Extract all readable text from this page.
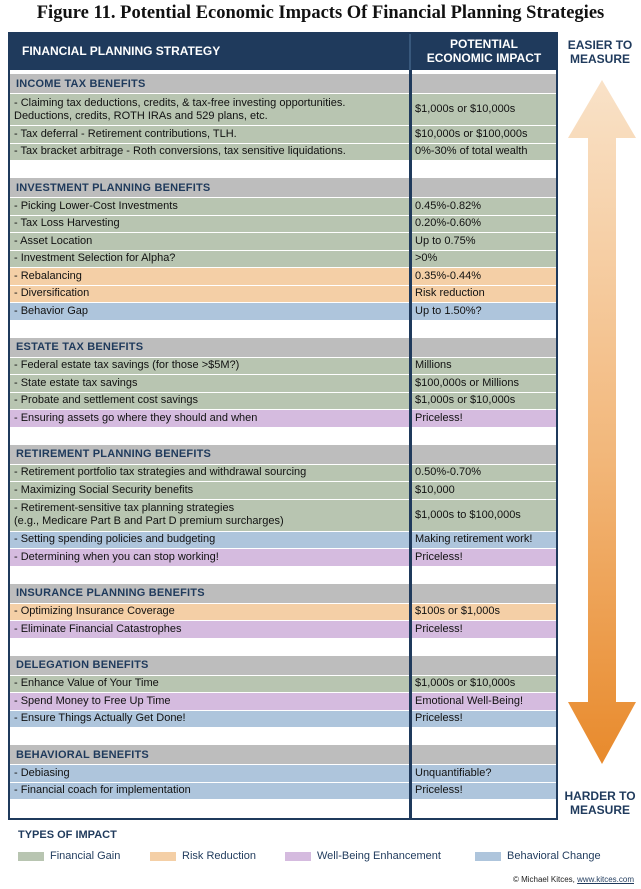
Figure 11. Potential Economic Impacts Of Financial Planning Strategies
FINANCIAL PLANNING STRATEGY	POTENTIAL
ECONOMIC IMPACT
INCOME TAX BENEFITS
- Claiming tax deductions, credits, & tax-free investing opportunities.
Deductions, credits, ROTH IRAs and 529 plans, etc.
$1,000s or $10,000s
- Tax deferral - Retirement contributions, TLH.	$10,000s or $100,000s
- Tax bracket arbitrage - Roth conversions, tax sensitive liquidations.	0%-30% of total wealth
INVESTMENT PLANNING BENEFITS
- Picking Lower-Cost Investments	0.45%-0.82%
- Tax Loss Harvesting	0.20%-0.60%
- Asset Location	Up to 0.75%
- Investment Selection for Alpha?	>0%
- Rebalancing	0.35%-0.44%
- Diversification	Risk reduction
- Behavior Gap	Up to 1.50%?
ESTATE TAX BENEFITS
- Federal estate tax savings (for those >$5M?)	Millions
- State estate tax savings	$100,000s or Millions
- Probate and settlement cost savings	$1,000s or $10,000s
- Ensuring assets go where they should and when	Priceless!
RETIREMENT PLANNING BENEFITS
- Retirement portfolio tax strategies and withdrawal sourcing	0.50%-0.70%
- Maximizing Social Security benefits	$10,000
- Retirement-sensitive tax planning strategies
(e.g., Medicare Part B and Part D premium surcharges)
$1,000s to $100,000s
- Setting spending policies and budgeting	Making retirement work!
- Determining when you can stop working!	Priceless!
INSURANCE PLANNING BENEFITS
- Optimizing Insurance Coverage	$100s or $1,000s
- Eliminate Financial Catastrophes	Priceless!
DELEGATION BENEFITS
- Enhance Value of Your Time	$1,000s or $10,000s
- Spend Money to Free Up Time	Emotional Well-Being!
- Ensure Things Actually Get Done!	Priceless!
BEHAVIORAL BENEFITS
- Debiasing	Unquantifiable?
- Financial coach for implementation	Priceless!
EASIER TO
MEASURE
HARDER TO
MEASURE
TYPES OF IMPACT
Financial Gain	Risk Reduction	Well-Being Enhancement	Behavioral Change
© Michael Kitces, www.kitces.com
